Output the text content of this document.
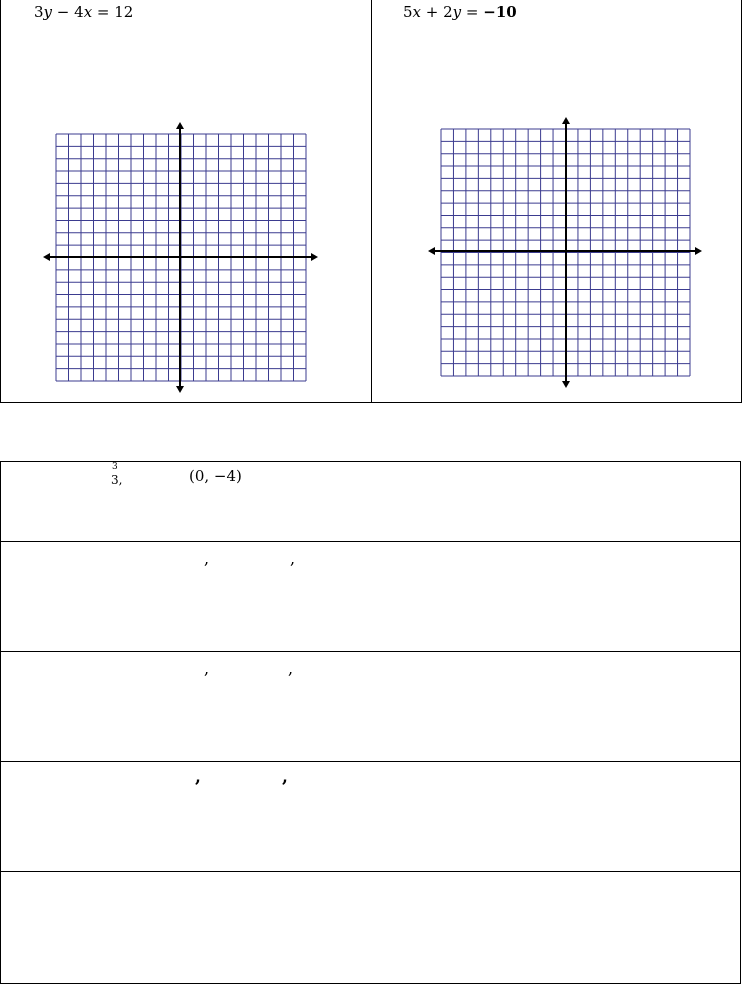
3y − 4x = 12	5x + 2y = −10
3
3,	(0, −4)
,	,
,	,
,	,
